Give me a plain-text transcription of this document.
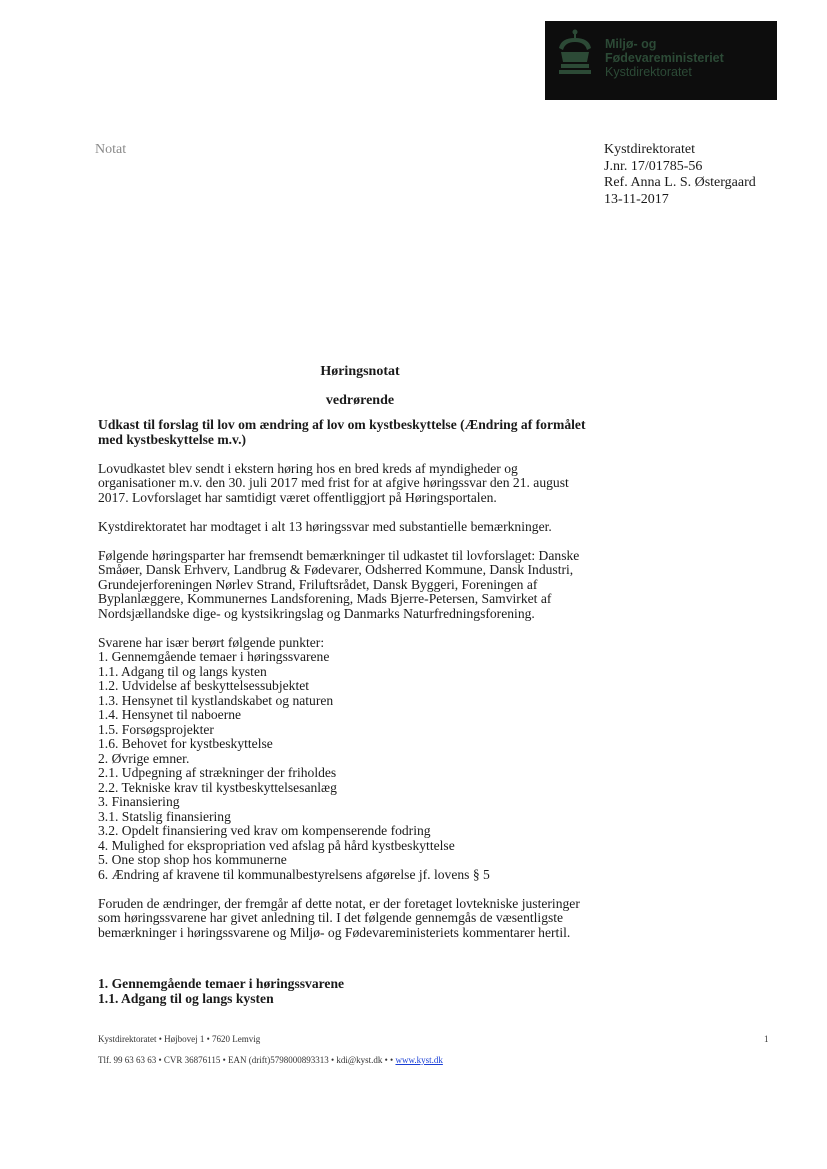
Miljø- og
Fødevareministeriet
Kystdirektoratet
Notat	Kystdirektoratet
J.nr. 17/01785-56
Ref. Anna L. S. Østergaard
13-11-2017
Høringsnotat
vedrørende
Udkast til forslag til lov om ændring af lov om kystbeskyttelse (Ændring af formålet med kystbeskyttelse m.v.)

Lovudkastet blev sendt i ekstern høring hos en bred kreds af myndigheder og organisationer m.v. den 30. juli 2017 med frist for at afgive høringssvar den 21. august 2017. Lovforslaget har samtidigt været offentliggjort på Høringsportalen.

Kystdirektoratet har modtaget i alt 13 høringssvar med substantielle bemærkninger.

Følgende høringsparter har fremsendt bemærkninger til udkastet til lovforslaget: Danske Småøer, Dansk Erhverv, Landbrug & Fødevarer, Odsherred Kommune, Dansk Industri, Grundejerforeningen Nørlev Strand, Friluftsrådet, Dansk Byggeri, Foreningen af Byplanlæggere, Kommunernes Landsforening, Mads Bjerre-Petersen, Samvirket af Nordsjællandske dige- og kystsikringslag og Danmarks Naturfredningsforening.

Svarene har især berørt følgende punkter:
1. Gennemgående temaer i høringssvarene
1.1. Adgang til og langs kysten
1.2. Udvidelse af beskyttelsessubjektet
1.3. Hensynet til kystlandskabet og naturen
1.4. Hensynet til naboerne
1.5. Forsøgsprojekter
1.6. Behovet for kystbeskyttelse
2. Øvrige emner.
2.1. Udpegning af strækninger der friholdes
2.2. Tekniske krav til kystbeskyttelsesanlæg
3. Finansiering
3.1. Statslig finansiering
3.2. Opdelt finansiering ved krav om kompenserende fodring
4. Mulighed for ekspropriation ved afslag på hård kystbeskyttelse
5. One stop shop hos kommunerne
6. Ændring af kravene til kommunalbestyrelsens afgørelse jf. lovens § 5

Foruden de ændringer, der fremgår af dette notat, er der foretaget lovtekniske justeringer som høringssvarene har givet anledning til. I det følgende gennemgås de væsentligste bemærkninger i høringssvarene og Miljø- og Fødevareministeriets kommentarer hertil.

1. Gennemgående temaer i høringssvarene
1.1. Adgang til og langs kysten
Kystdirektoratet • Højbovej 1 • 7620 Lemvig	1
Tlf. 99 63 63 63 • CVR 36876115 • EAN (drift)5798000893313 • kdi@kyst.dk • • www.kyst.dk
